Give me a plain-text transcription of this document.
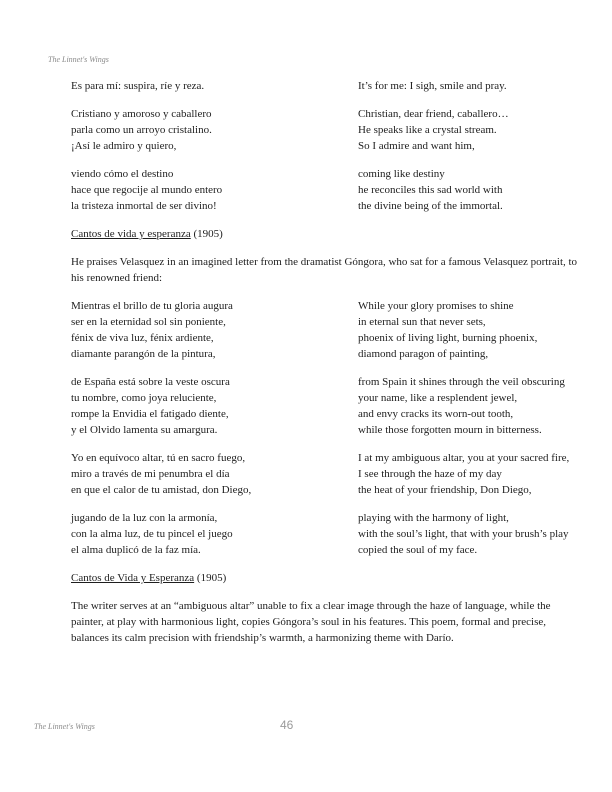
The Linnet's Wings
Es para mí: suspira, ríe y reza.	It’s for me: I sigh, smile and pray.
Cristiano y amoroso y caballero	Christian, dear friend, caballero…
parla como un arroyo cristalino.	He speaks like a crystal stream.
¡Así le admiro y quiero,	So I admire and want him,
viendo cómo el destino	coming like destiny
hace que regocije al mundo entero	he reconciles this sad world with
la tristeza inmortal de ser divino!	the divine being of the immortal.
Cantos de vida y esperanza (1905)
He praises Velasquez in an imagined letter from the dramatist Góngora, who sat for a famous Velasquez portrait, to his renowned friend:
Mientras el brillo de tu gloria augura	While your glory promises to shine
ser en la eternidad sol sin poniente,	in eternal sun that never sets,
fénix de viva luz, fénix ardiente,	phoenix of living light, burning phoenix,
diamante parangón de la pintura,	diamond paragon of painting,
de España está sobre la veste oscura	from Spain it shines through the veil obscuring
tu nombre, como joya reluciente,	your name, like a resplendent jewel,
rompe la Envidia el fatigado diente,	and envy cracks its worn-out tooth,
y el Olvido lamenta su amargura.	while those forgotten mourn in bitterness.
Yo en equívoco altar, tú en sacro fuego,	I at my ambiguous altar, you at your sacred fire,
miro a través de mi penumbra el día	I see through the haze of my day
en que el calor de tu amistad, don Diego,	the heat of your friendship, Don Diego,
jugando de la luz con la armonía,	playing with the harmony of light,
con la alma luz, de tu pincel el juego	with the soul’s light, that with your brush’s play
el alma duplicó de la faz mía.	copied the soul of my face.
Cantos de Vida y Esperanza (1905)
The writer serves at an “ambiguous altar” unable to fix a clear image through the haze of language, while the painter, at play with harmonious light, copies Góngora’s soul in his features. This poem, formal and precise, balances its calm precision with friendship’s warmth, a harmonizing theme with Darío.
The Linnet's Wings	46
